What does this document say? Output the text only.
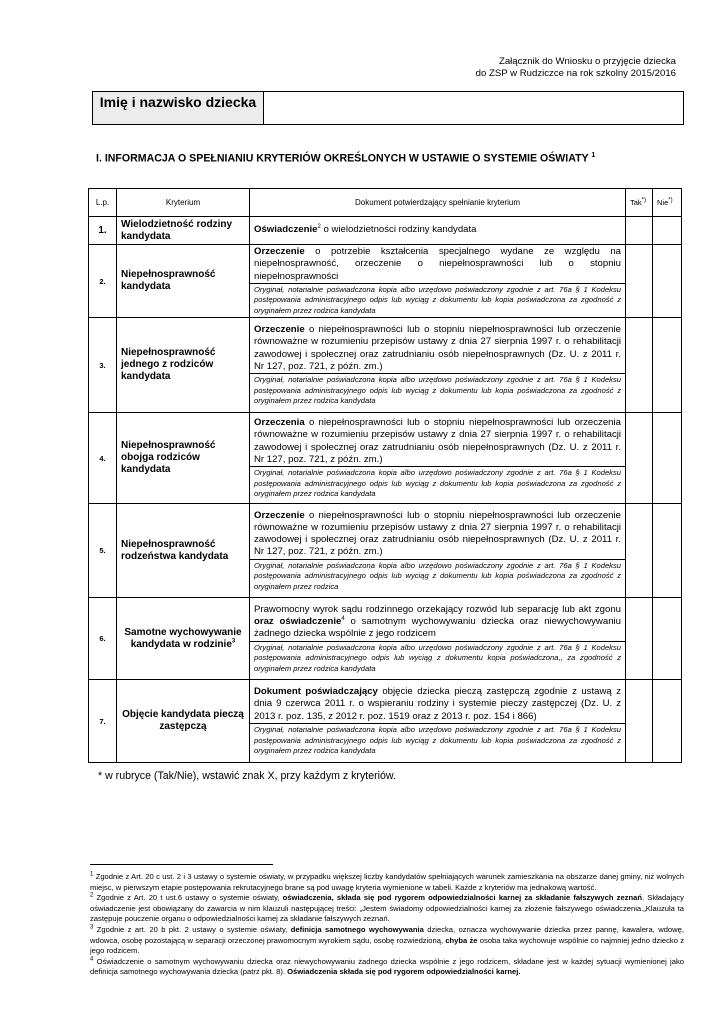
Załącznik do Wniosku o przyjęcie dziecka
do ZSP w Rudziczce na rok szkolny 2015/2016
Imię i nazwisko dziecka
I. INFORMACJA O SPEŁNIANIU KRYTERIÓW OKREŚLONYCH W USTAWIE O SYSTEMIE OŚWIATY $^1$
L.p.	Kryterium	Dokument potwierdzający spełnianie kryterium	Tak*)	Nie*)
1.	Wielodzietność rodziny kandydata	Oświadczenie$^2$ o wielodzietności rodziny kandydata		

2.	Niepełnosprawność kandydata	Orzeczenie o potrzebie kształcenia specjalnego wydane ze względu na niepełnosprawność, orzeczenie o niepełnosprawności lub o stopniu niepełnosprawności
Oryginał, notarialnie poświadczona kopia albo urzędowo poświadczony zgodnie z art. 76a § 1 Kodeksu postępowania administracyjnego odpis lub wyciąg z dokumentu lub kopia poświadczona za zgodność z oryginałem przez rodzica kandydata		

3.	Niepełnosprawność jednego z rodziców kandydata	Orzeczenie o niepełnosprawności lub o stopniu niepełnosprawności lub orzeczenie równoważne w rozumieniu przepisów ustawy z dnia 27 sierpnia 1997 r. o rehabilitacji zawodowej i społecznej oraz zatrudnianiu osób niepełnosprawnych (Dz. U. z 2011 r. Nr 127, poz. 721, z późn. zm.)
Oryginał, notarialnie poświadczona kopia albo urzędowo poświadczony zgodnie z art. 76a § 1 Kodeksu postępowania administracyjnego odpis lub wyciąg z dokumentu lub kopia poświadczona za zgodność z oryginałem przez rodzica kandydata		

4.	Niepełnosprawność obojga rodziców kandydata	Orzeczenia o niepełnosprawności lub o stopniu niepełnosprawności lub orzeczenia równoważne w rozumieniu przepisów ustawy z dnia 27 sierpnia 1997 r. o rehabilitacji zawodowej i społecznej oraz zatrudnianiu osób niepełnosprawnych (Dz. U. z 2011 r. Nr 127, poz. 721, z późn. zm.)
Oryginał, notarialnie poświadczona kopia albo urzędowo poświadczony zgodnie z art. 76a § 1 Kodeksu postępowania administracyjnego odpis lub wyciąg z dokumentu lub kopia poświadczona za zgodność z oryginałem przez rodzica kandydata		

5.	Niepełnosprawność rodzeństwa kandydata	Orzeczenie o niepełnosprawności lub o stopniu niepełnosprawności lub orzeczenie równoważne w rozumieniu przepisów ustawy z dnia 27 sierpnia 1997 r. o rehabilitacji zawodowej i społecznej oraz zatrudnianiu osób niepełnosprawnych (Dz. U. z 2011 r. Nr 127, poz. 721, z późn. zm.)
Oryginał, notarialnie poświadczona kopia albo urzędowo poświadczony zgodnie z art. 76a § 1 Kodeksu postępowania administracyjnego odpis lub wyciąg z dokumentu lub kopia poświadczona za zgodność z oryginałem przez rodzica		

6.	Samotne wychowywanie kandydata w rodzinie$^3$	Prawomocny wyrok sądu rodzinnego orzekający rozwód lub separację lub akt zgonu oraz oświadczenie$^4$ o samotnym wychowywaniu dziecka oraz niewychowywaniu żadnego dziecka wspólnie z jego rodzicem
Oryginał, notarialnie poświadczona kopia albo urzędowo poświadczony zgodnie z art. 76a § 1 Kodeksu postępowania administracyjnego odpis lub wyciąg z dokumentu kopia poświadczona,, za zgodność z oryginałem przez rodzica kandydata		

7.	Objęcie kandydata pieczą zastępczą	Dokument poświadczający objęcie dziecka pieczą zastępczą zgodnie z ustawą z dnia 9 czerwca 2011 r. o wspieraniu rodziny i systemie pieczy zastępczej (Dz. U. z 2013 r. poz. 135, z 2012 r. poz. 1519 oraz z 2013 r. poz. 154 i 866)
Oryginał, notarialnie poświadczona kopia albo urzędowo poświadczony zgodnie z art. 76a § 1 Kodeksu postępowania administracyjnego odpis lub wyciąg z dokumentu lub kopia poświadczona za zgodność z oryginałem przez rodzica kandydata		

* w rubryce (Tak/Nie), wstawić znak X, przy każdym z kryteriów.

$^1$ Zgodnie z Art. 20 c ust. 2 i 3 ustawy o systemie oświaty, w przypadku większej liczby kandydatów spełniających warunek zamieszkania na obszarze danej gminy, niż wolnych miejsc, w pierwszym etapie postępowania rekrutacyjnego brane są pod uwagę kryteria wymienione w tabeli. Każde z kryteriów ma jednakową wartość.

$^2$ Zgodnie z Art. 20 t ust.6 ustawy o systemie oświaty, oświadczenia, składa się pod rygorem odpowiedzialności karnej za składanie fałszywych zeznań. Składający oświadczenie jest obowiązany do zawarcia w nim klauzuli następującej treści: „Jestem świadomy odpowiedzialności karnej za złożenie fałszywego oświadczenia.„Klauzula ta zastępuje pouczenie organu o odpowiedzialności karnej za składanie fałszywych zeznań.

$^3$ Zgodnie z art. 20 b pkt. 2 ustawy o systemie oświaty, definicja samotnego wychowywania dziecka, oznacza wychowywanie dziecka przez pannę, kawalera, wdowę, wdowca, osobę pozostającą w separacji orzeczonej prawomocnym wyrokiem sądu, osobę rozwiedzioną, chyba że osoba taka wychowuje wspólnie co najmniej jedno dziecko z jego rodzicem.

$^4$ Oświadczenie o samotnym wychowywaniu dziecka oraz niewychowywaniu żadnego dziecka wspólnie z jego rodzicem, składane jest w każdej sytuacji wymienionej jako definicja samotnego wychowywania dziecka (patrz pkt. 8). Oświadczenia składa się pod rygorem odpowiedzialności karnej.
